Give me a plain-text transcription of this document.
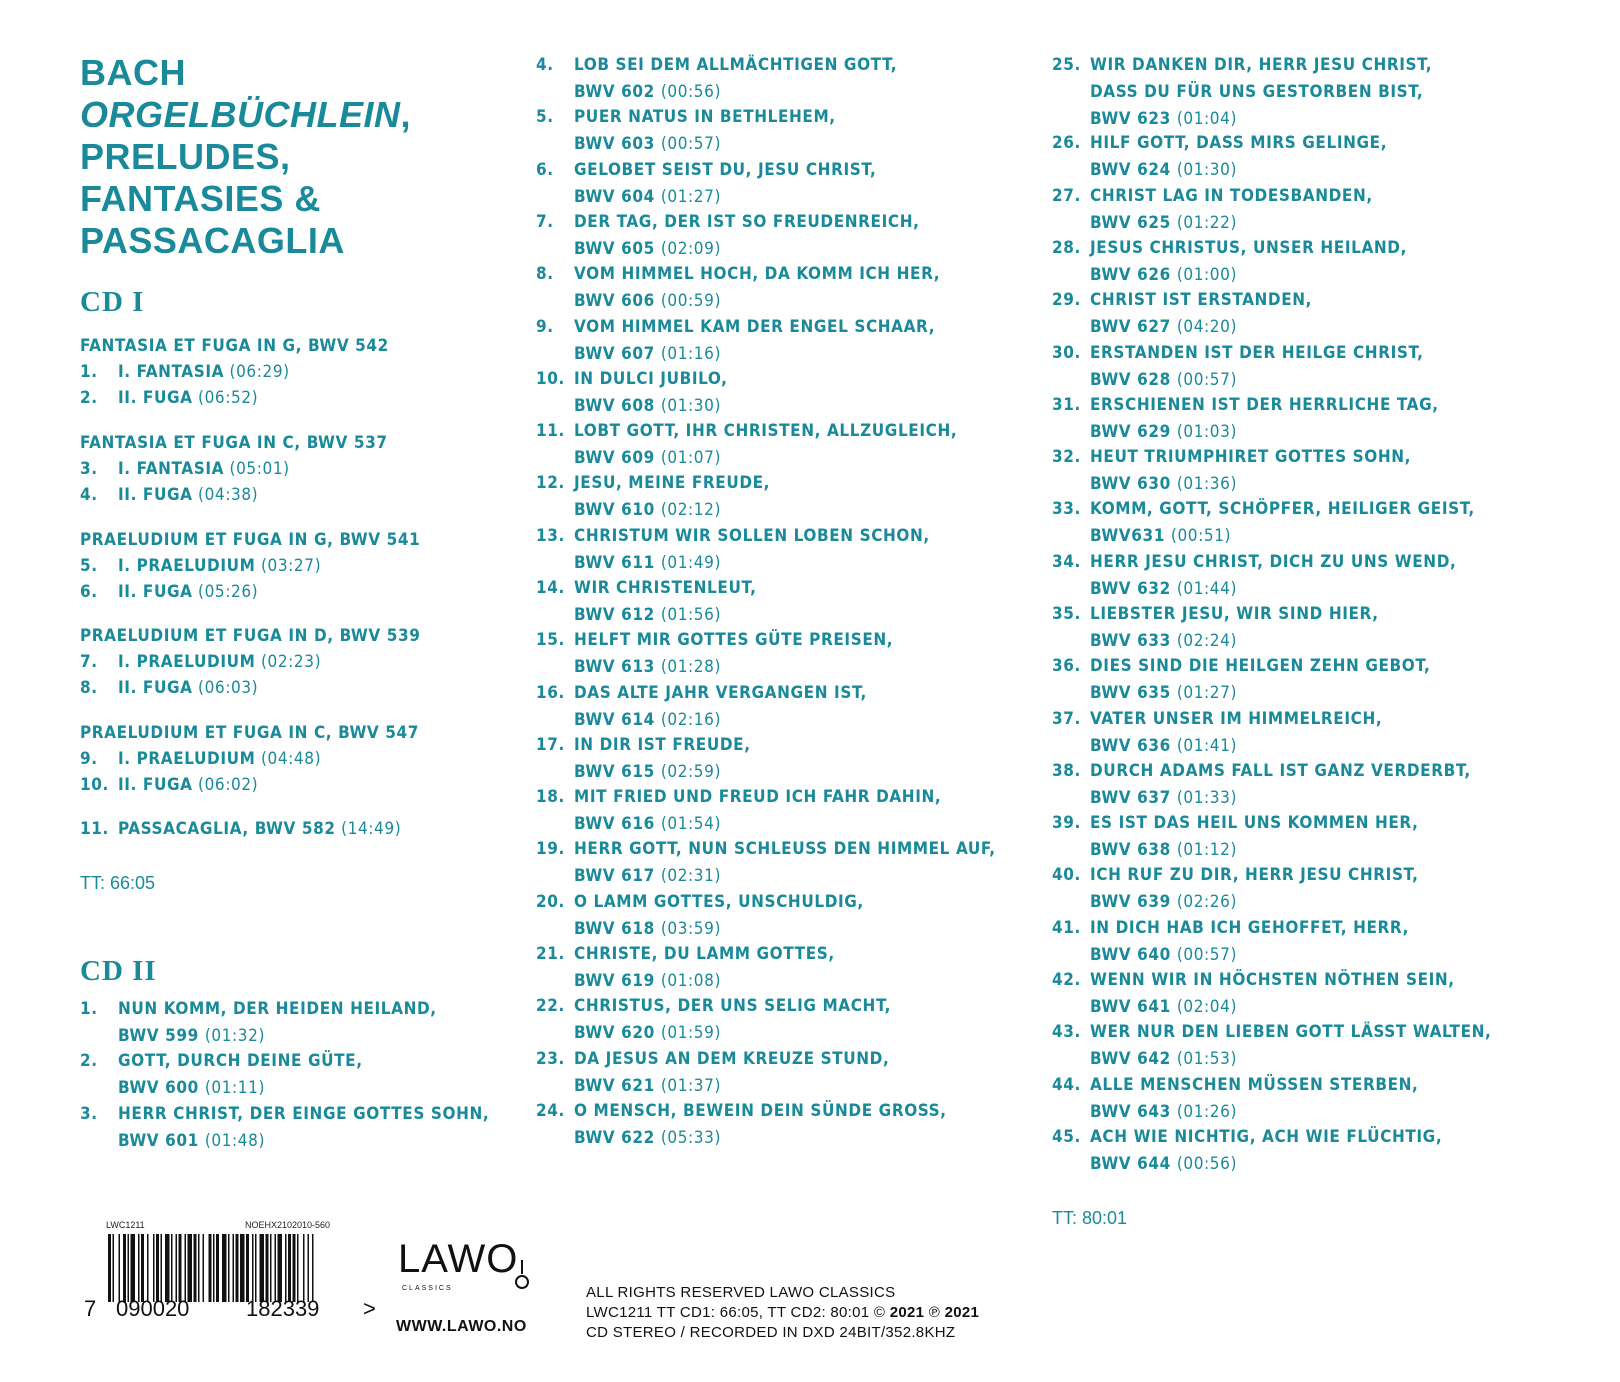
BACH
ORGELBÜCHLEIN,
PRELUDES,
FANTASIES &
PASSACAGLIA
CD I
FANTASIA ET FUGA IN G, BWV 542
1. I. FANTASIA (06:29)
2. II. FUGA (06:52)
FANTASIA ET FUGA IN C, BWV 537
3. I. FANTASIA (05:01)
4. II. FUGA (04:38)
PRAELUDIUM ET FUGA IN G, BWV 541
5. I. PRAELUDIUM (03:27)
6. II. FUGA (05:26)
PRAELUDIUM ET FUGA IN D, BWV 539
7. I. PRAELUDIUM (02:23)
8. II. FUGA (06:03)
PRAELUDIUM ET FUGA IN C, BWV 547
9. I. PRAELUDIUM (04:48)
10. II. FUGA (06:02)
11. PASSACAGLIA, BWV 582 (14:49)
TT: 66:05
CD II
1. NUN KOMM, DER HEIDEN HEILAND,
BWV 599 (01:32)
2. GOTT, DURCH DEINE GÜTE,
BWV 600 (01:11)
3. HERR CHRIST, DER EINGE GOTTES SOHN,
BWV 601 (01:48)
4. LOB SEI DEM ALLMÄCHTIGEN GOTT,
BWV 602 (00:56)
5. PUER NATUS IN BETHLEHEM,
BWV 603 (00:57)
6. GELOBET SEIST DU, JESU CHRIST,
BWV 604 (01:27)
7. DER TAG, DER IST SO FREUDENREICH,
BWV 605 (02:09)
8. VOM HIMMEL HOCH, DA KOMM ICH HER,
BWV 606 (00:59)
9. VOM HIMMEL KAM DER ENGEL SCHAAR,
BWV 607 (01:16)
10. IN DULCI JUBILO,
BWV 608 (01:30)
11. LOBT GOTT, IHR CHRISTEN, ALLZUGLEICH,
BWV 609 (01:07)
12. JESU, MEINE FREUDE,
BWV 610 (02:12)
13. CHRISTUM WIR SOLLEN LOBEN SCHON,
BWV 611 (01:49)
14. WIR CHRISTENLEUT,
BWV 612 (01:56)
15. HELFT MIR GOTTES GÜTE PREISEN,
BWV 613 (01:28)
16. DAS ALTE JAHR VERGANGEN IST,
BWV 614 (02:16)
17. IN DIR IST FREUDE,
BWV 615 (02:59)
18. MIT FRIED UND FREUD ICH FAHR DAHIN,
BWV 616 (01:54)
19. HERR GOTT, NUN SCHLEUSS DEN HIMMEL AUF,
BWV 617 (02:31)
20. O LAMM GOTTES, UNSCHULDIG,
BWV 618 (03:59)
21. CHRISTE, DU LAMM GOTTES,
BWV 619 (01:08)
22. CHRISTUS, DER UNS SELIG MACHT,
BWV 620 (01:59)
23. DA JESUS AN DEM KREUZE STUND,
BWV 621 (01:37)
24. O MENSCH, BEWEIN DEIN SÜNDE GROSS,
BWV 622 (05:33)
25. WIR DANKEN DIR, HERR JESU CHRIST,
DASS DU FÜR UNS GESTORBEN BIST,
BWV 623 (01:04)
26. HILF GOTT, DASS MIRS GELINGE,
BWV 624 (01:30)
27. CHRIST LAG IN TODESBANDEN,
BWV 625 (01:22)
28. JESUS CHRISTUS, UNSER HEILAND,
BWV 626 (01:00)
29. CHRIST IST ERSTANDEN,
BWV 627 (04:20)
30. ERSTANDEN IST DER HEILGE CHRIST,
BWV 628 (00:57)
31. ERSCHIENEN IST DER HERRLICHE TAG,
BWV 629 (01:03)
32. HEUT TRIUMPHIRET GOTTES SOHN,
BWV 630 (01:36)
33. KOMM, GOTT, SCHÖPFER, HEILIGER GEIST,
BWV631 (00:51)
34. HERR JESU CHRIST, DICH ZU UNS WEND,
BWV 632 (01:44)
35. LIEBSTER JESU, WIR SIND HIER,
BWV 633 (02:24)
36. DIES SIND DIE HEILGEN ZEHN GEBOT,
BWV 635 (01:27)
37. VATER UNSER IM HIMMELREICH,
BWV 636 (01:41)
38. DURCH ADAMS FALL IST GANZ VERDERBT,
BWV 637 (01:33)
39. ES IST DAS HEIL UNS KOMMEN HER,
BWV 638 (01:12)
40. ICH RUF ZU DIR, HERR JESU CHRIST,
BWV 639 (02:26)
41. IN DICH HAB ICH GEHOFFET, HERR,
BWV 640 (00:57)
42. WENN WIR IN HÖCHSTEN NÖTHEN SEIN,
BWV 641 (02:04)
43. WER NUR DEN LIEBEN GOTT LÄSST WALTEN,
BWV 642 (01:53)
44. ALLE MENSCHEN MÜSSEN STERBEN,
BWV 643 (01:26)
45. ACH WIE NICHTIG, ACH WIE FLÜCHTIG,
BWV 644 (00:56)
TT: 80:01
LWC1211	NOEHX2102010-560
7 090020	182339 >
LAWO
CLASSICS
WWW.LAWO.NO
ALL RIGHTS RESERVED LAWO CLASSICS
LWC1211 TT CD1: 66:05, TT CD2: 80:01 © 2021 ℗ 2021
CD STEREO / RECORDED IN DXD 24BIT/352.8KHZ
